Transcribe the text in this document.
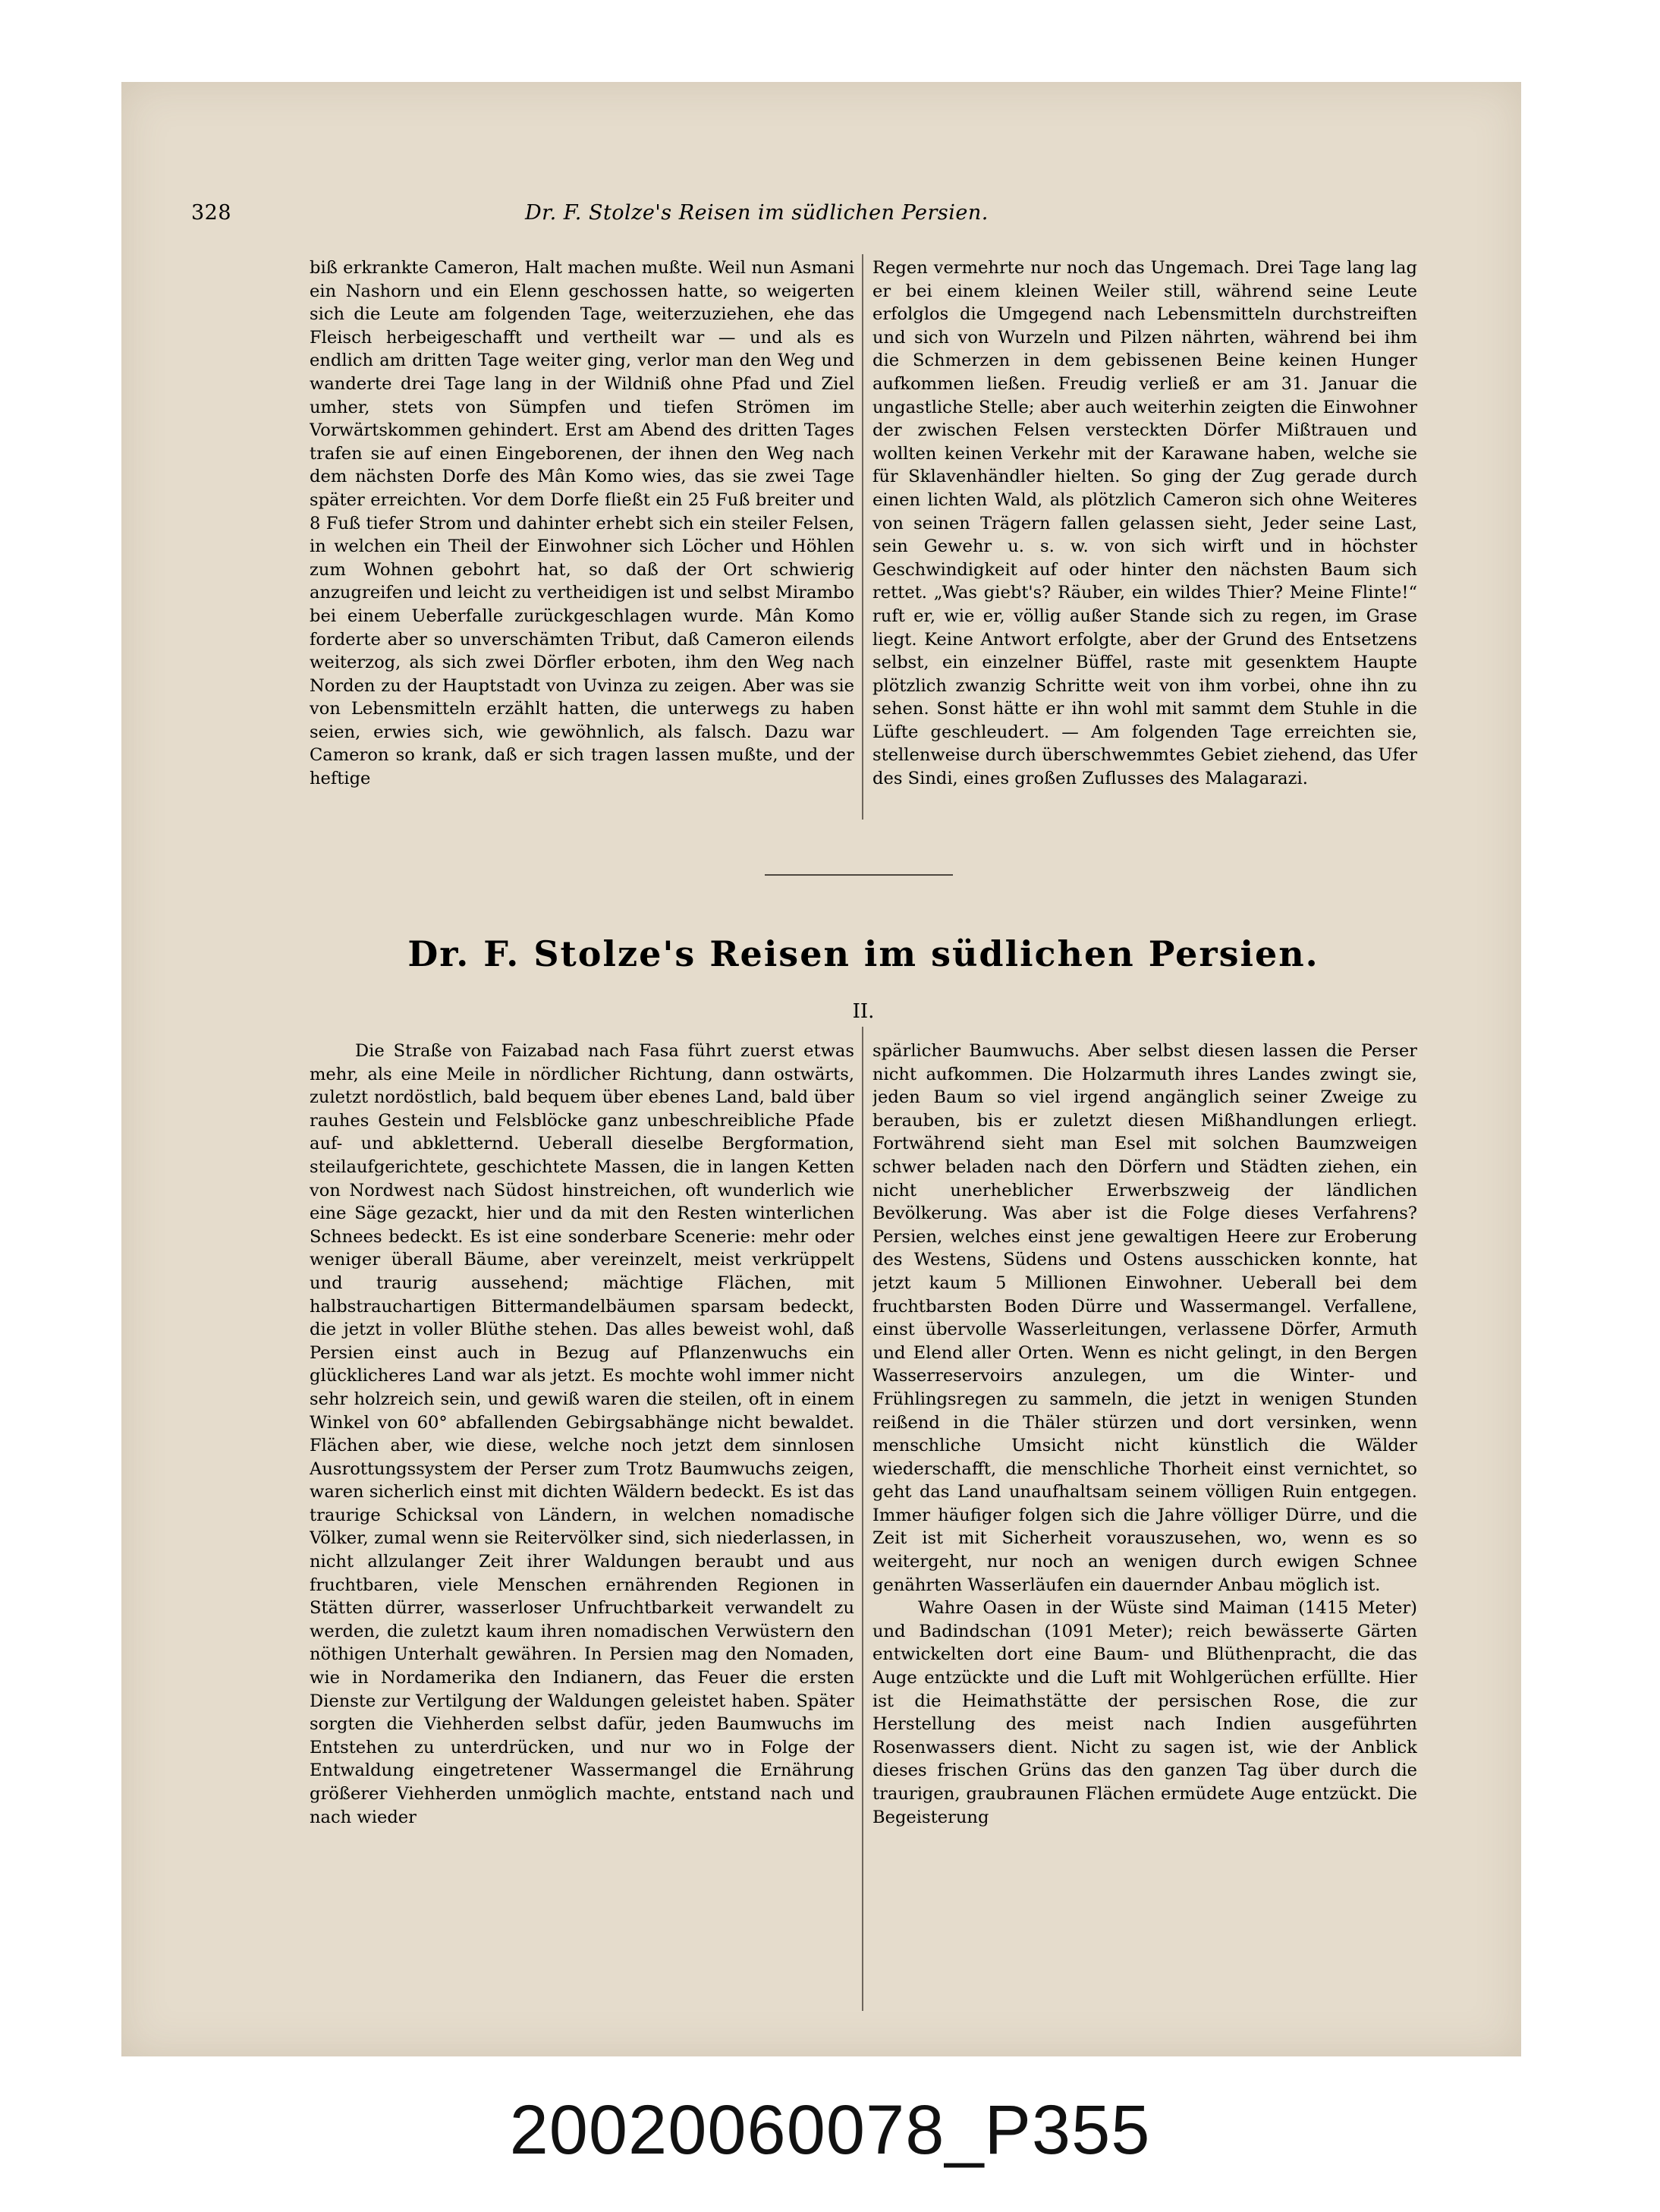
328	Dr. F. Stolze's Reisen im südlichen Persien.

biß erkrankte Cameron, Halt machen mußte. Weil nun Asmani ein Nashorn und ein Elenn geschossen hatte, so weigerten sich die Leute am folgenden Tage, weiterzuziehen, ehe das Fleisch herbeigeschafft und vertheilt war — und als es endlich am dritten Tage weiter ging, verlor man den Weg und wanderte drei Tage lang in der Wildniß ohne Pfad und Ziel umher, stets von Sümpfen und tiefen Strömen im Vorwärtskommen gehindert. Erst am Abend des dritten Tages trafen sie auf einen Eingeborenen, der ihnen den Weg nach dem nächsten Dorfe des Mân Komo wies, das sie zwei Tage später erreichten. Vor dem Dorfe fließt ein 25 Fuß breiter und 8 Fuß tiefer Strom und dahinter erhebt sich ein steiler Felsen, in welchen ein Theil der Einwohner sich Löcher und Höhlen zum Wohnen gebohrt hat, so daß der Ort schwierig anzugreifen und leicht zu vertheidigen ist und selbst Mirambo bei einem Ueberfalle zurückgeschlagen wurde. Mân Komo forderte aber so unverschämten Tribut, daß Cameron eilends weiterzog, als sich zwei Dörfler erboten, ihm den Weg nach Norden zu der Hauptstadt von Uvinza zu zeigen. Aber was sie von Lebensmitteln erzählt hatten, die unterwegs zu haben seien, erwies sich, wie gewöhnlich, als falsch. Dazu war Cameron so krank, daß er sich tragen lassen mußte, und der heftige

Regen vermehrte nur noch das Ungemach. Drei Tage lang lag er bei einem kleinen Weiler still, während seine Leute erfolglos die Umgegend nach Lebensmitteln durchstreiften und sich von Wurzeln und Pilzen nährten, während bei ihm die Schmerzen in dem gebissenen Beine keinen Hunger aufkommen ließen. Freudig verließ er am 31. Januar die ungastliche Stelle; aber auch weiterhin zeigten die Einwohner der zwischen Felsen versteckten Dörfer Mißtrauen und wollten keinen Verkehr mit der Karawane haben, welche sie für Sklavenhändler hielten. So ging der Zug gerade durch einen lichten Wald, als plötzlich Cameron sich ohne Weiteres von seinen Trägern fallen gelassen sieht, Jeder seine Last, sein Gewehr u. s. w. von sich wirft und in höchster Geschwindigkeit auf oder hinter den nächsten Baum sich rettet. „Was giebt's? Räuber, ein wildes Thier? Meine Flinte!“ ruft er, wie er, völlig außer Stande sich zu regen, im Grase liegt. Keine Antwort erfolgte, aber der Grund des Entsetzens selbst, ein einzelner Büffel, raste mit gesenktem Haupte plötzlich zwanzig Schritte weit von ihm vorbei, ohne ihn zu sehen. Sonst hätte er ihn wohl mit sammt dem Stuhle in die Lüfte geschleudert. — Am folgenden Tage erreichten sie, stellenweise durch überschwemmtes Gebiet ziehend, das Ufer des Sindi, eines großen Zuflusses des Malagarazi.

Dr. F. Stolze's Reisen im südlichen Persien.
II.

Die Straße von Faizabad nach Fasa führt zuerst etwas mehr, als eine Meile in nördlicher Richtung, dann ostwärts, zuletzt nordöstlich, bald bequem über ebenes Land, bald über rauhes Gestein und Felsblöcke ganz unbeschreibliche Pfade auf- und abkletternd. Ueberall dieselbe Bergformation, steilaufgerichtete, geschichtete Massen, die in langen Ketten von Nordwest nach Südost hinstreichen, oft wunderlich wie eine Säge gezackt, hier und da mit den Resten winterlichen Schnees bedeckt. Es ist eine sonderbare Scenerie: mehr oder weniger überall Bäume, aber vereinzelt, meist verkrüppelt und traurig aussehend; mächtige Flächen, mit halbstrauchartigen Bittermandelbäumen sparsam bedeckt, die jetzt in voller Blüthe stehen. Das alles beweist wohl, daß Persien einst auch in Bezug auf Pflanzenwuchs ein glücklicheres Land war als jetzt. Es mochte wohl immer nicht sehr holzreich sein, und gewiß waren die steilen, oft in einem Winkel von 60° abfallenden Gebirgsabhänge nicht bewaldet. Flächen aber, wie diese, welche noch jetzt dem sinnlosen Ausrottungssystem der Perser zum Trotz Baumwuchs zeigen, waren sicherlich einst mit dichten Wäldern bedeckt. Es ist das traurige Schicksal von Ländern, in welchen nomadische Völker, zumal wenn sie Reitervölker sind, sich niederlassen, in nicht allzulanger Zeit ihrer Waldungen beraubt und aus fruchtbaren, viele Menschen ernährenden Regionen in Stätten dürrer, wasserloser Unfruchtbarkeit verwandelt zu werden, die zuletzt kaum ihren nomadischen Verwüstern den nöthigen Unterhalt gewähren. In Persien mag den Nomaden, wie in Nordamerika den Indianern, das Feuer die ersten Dienste zur Vertilgung der Waldungen geleistet haben. Später sorgten die Viehherden selbst dafür, jeden Baumwuchs im Entstehen zu unterdrücken, und nur wo in Folge der Entwaldung eingetretener Wassermangel die Ernährung größerer Viehherden unmöglich machte, entstand nach und nach wieder

spärlicher Baumwuchs. Aber selbst diesen lassen die Perser nicht aufkommen. Die Holzarmuth ihres Landes zwingt sie, jeden Baum so viel irgend angänglich seiner Zweige zu berauben, bis er zuletzt diesen Mißhandlungen erliegt. Fortwährend sieht man Esel mit solchen Baumzweigen schwer beladen nach den Dörfern und Städten ziehen, ein nicht unerheblicher Erwerbszweig der ländlichen Bevölkerung. Was aber ist die Folge dieses Verfahrens? Persien, welches einst jene gewaltigen Heere zur Eroberung des Westens, Südens und Ostens ausschicken konnte, hat jetzt kaum 5 Millionen Einwohner. Ueberall bei dem fruchtbarsten Boden Dürre und Wassermangel. Verfallene, einst übervolle Wasserleitungen, verlassene Dörfer, Armuth und Elend aller Orten. Wenn es nicht gelingt, in den Bergen Wasserreservoirs anzulegen, um die Winter- und Frühlingsregen zu sammeln, die jetzt in wenigen Stunden reißend in die Thäler stürzen und dort versinken, wenn menschliche Umsicht nicht künstlich die Wälder wiederschafft, die menschliche Thorheit einst vernichtet, so geht das Land unaufhaltsam seinem völligen Ruin entgegen. Immer häufiger folgen sich die Jahre völliger Dürre, und die Zeit ist mit Sicherheit vorauszusehen, wo, wenn es so weitergeht, nur noch an wenigen durch ewigen Schnee genährten Wasserläufen ein dauernder Anbau möglich ist.

Wahre Oasen in der Wüste sind Maiman (1415 Meter) und Badindschan (1091 Meter); reich bewässerte Gärten entwickelten dort eine Baum- und Blüthenpracht, die das Auge entzückte und die Luft mit Wohlgerüchen erfüllte. Hier ist die Heimathstätte der persischen Rose, die zur Herstellung des meist nach Indien ausgeführten Rosenwassers dient. Nicht zu sagen ist, wie der Anblick dieses frischen Grüns das den ganzen Tag über durch die traurigen, graubraunen Flächen ermüdete Auge entzückt. Die Begeisterung

20020060078_P355
